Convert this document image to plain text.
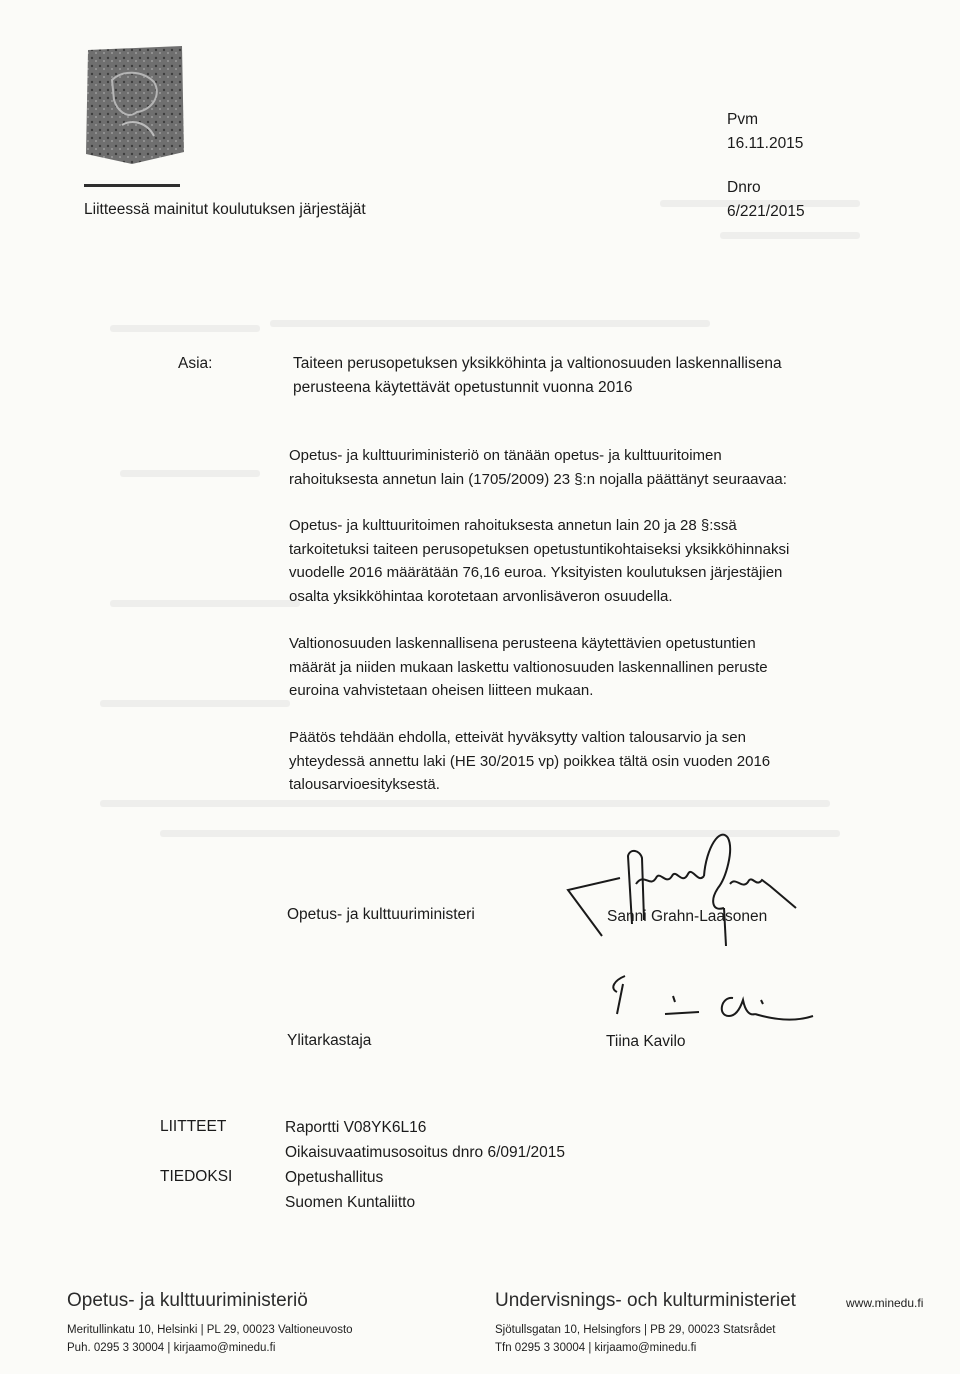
Liitteessä mainitut koulutuksen järjestäjät
Pvm
16.11.2015
Dnro
6/221/2015
Asia:	Taiteen perusopetuksen yksikköhinta ja valtionosuuden laskennallisena
perusteena käytettävät opetustunnit vuonna 2016
Opetus- ja kulttuuriministeriö on tänään opetus- ja kulttuuritoimen
rahoituksesta annetun lain (1705/2009) 23 §:n nojalla päättänyt seuraavaa:
Opetus- ja kulttuuritoimen rahoituksesta annetun lain 20 ja 28 §:ssä
tarkoitetuksi taiteen perusopetuksen opetustuntikohtaiseksi yksikköhinnaksi
vuodelle 2016 määrätään 76,16 euroa. Yksityisten koulutuksen järjestäjien
osalta yksikköhintaa korotetaan arvonlisäveron osuudella.
Valtionosuuden laskennallisena perusteena käytettävien opetustuntien
määrät ja niiden mukaan laskettu valtionosuuden laskennallinen peruste
euroina vahvistetaan oheisen liitteen mukaan.
Päätös tehdään ehdolla, etteivät hyväksytty valtion talousarvio ja sen
yhteydessä annettu laki (HE 30/2015 vp) poikkea tältä osin vuoden 2016
talousarvioesityksestä.
Opetus- ja kulttuuriministeri	Sanni Grahn-Laasonen
Ylitarkastaja	Tiina Kavilo
LIITTEET	Raportti V08YK6L16
Oikaisuvaatimusosoitus dnro 6/091/2015
TIEDOKSI	Opetushallitus
Suomen Kuntaliitto
Opetus- ja kulttuuriministeriö	Undervisnings- och kulturministeriet	www.minedu.fi
Meritullinkatu 10, Helsinki | PL 29, 00023 Valtioneuvosto
Puh. 0295 3 30004 | kirjaamo@minedu.fi
Sjötullsgatan 10, Helsingfors | PB 29, 00023 Statsrådet
Tfn 0295 3 30004 | kirjaamo@minedu.fi
